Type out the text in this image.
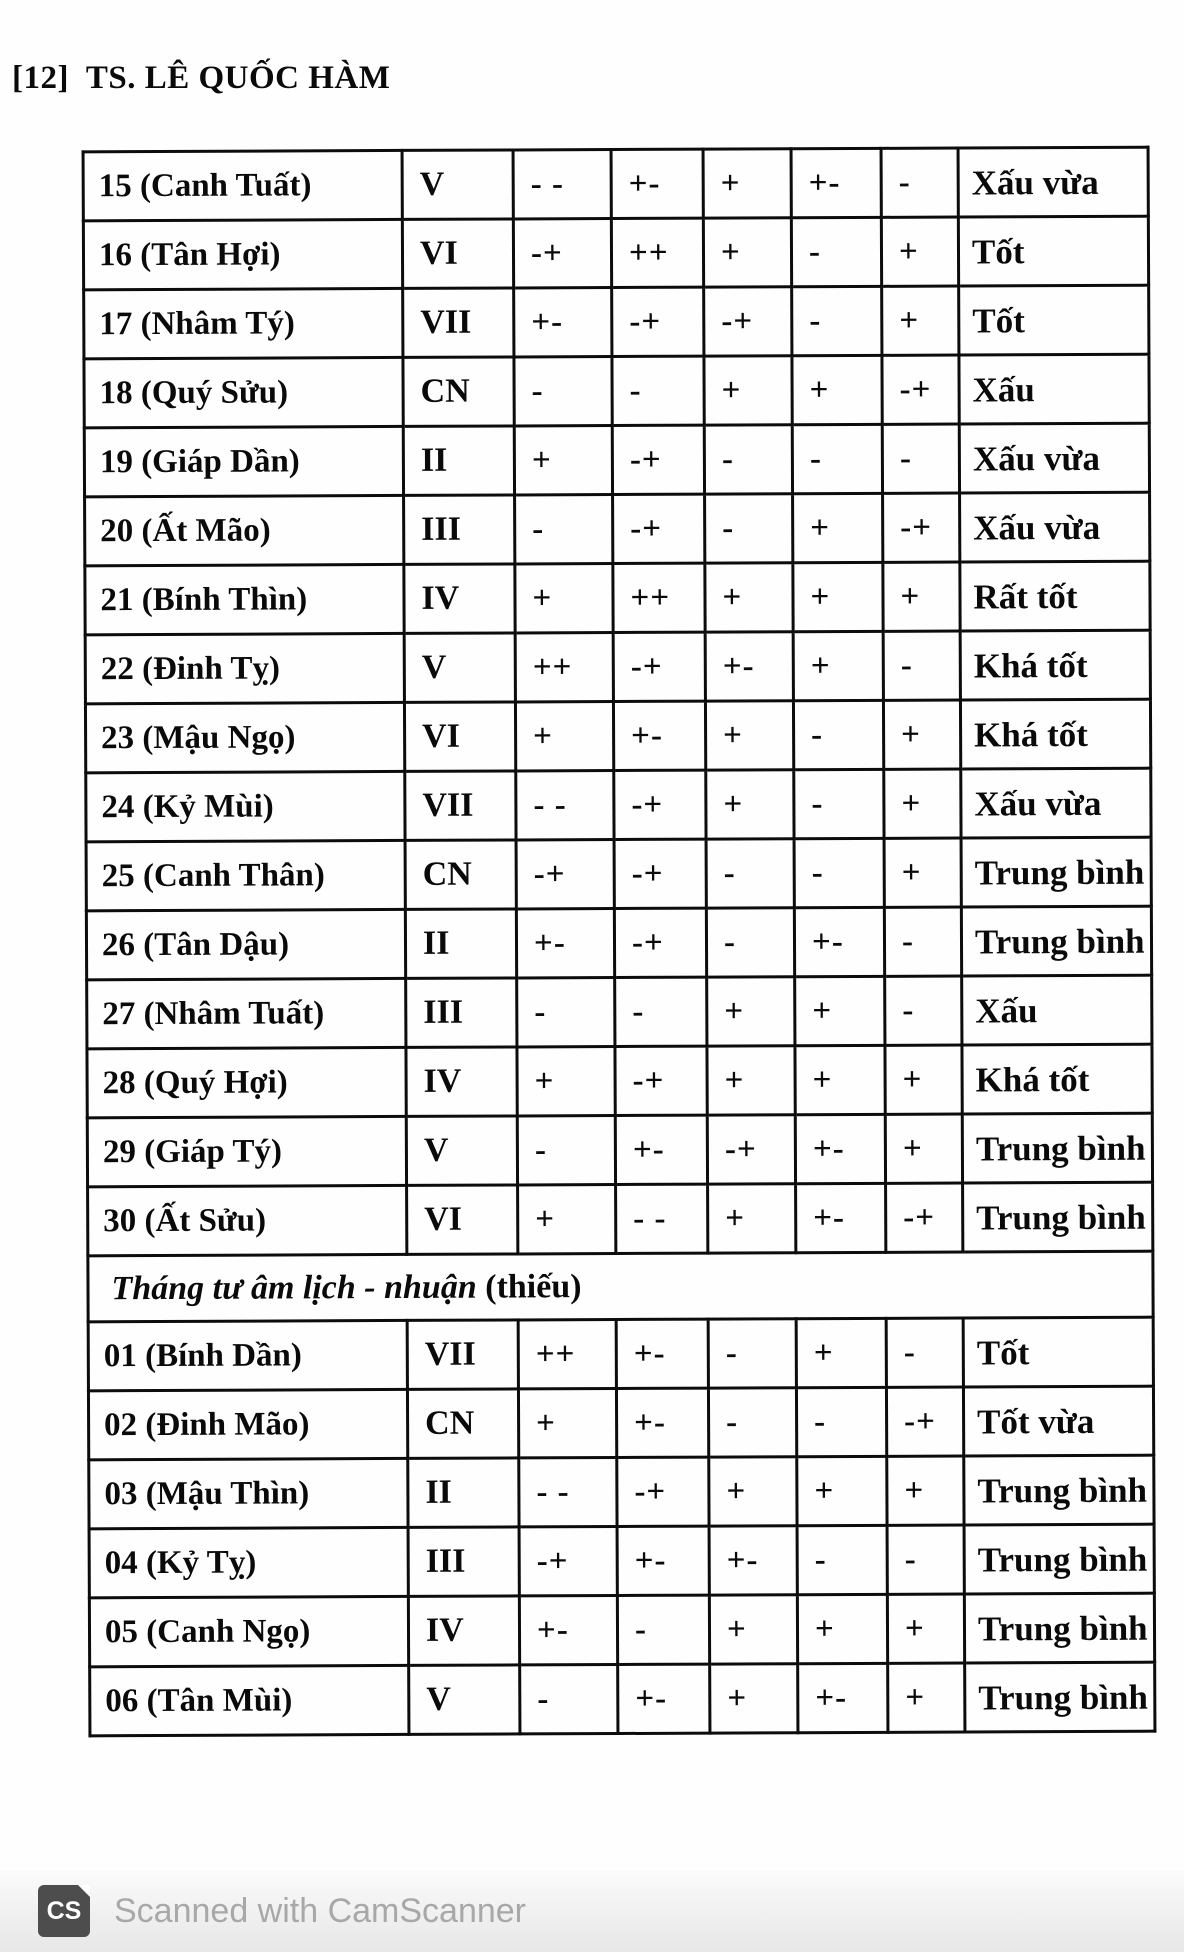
[12]  TS. LÊ QUỐC HÀM
15 (Canh Tuất)	V	- -	+-	+	+-	-	Xấu vừa
16 (Tân Hợi)	VI	-+	++	+	-	+	Tốt
17 (Nhâm Tý)	VII	+-	-+	-+	-	+	Tốt
18 (Quý Sửu)	CN	-	-	+	+	-+	Xấu
19 (Giáp Dần)	II	+	-+	-	-	-	Xấu vừa
20 (Ất Mão)	III	-	-+	-	+	-+	Xấu vừa
21 (Bính Thìn)	IV	+	++	+	+	+	Rất tốt
22 (Đinh Tỵ)	V	++	-+	+-	+	-	Khá tốt
23 (Mậu Ngọ)	VI	+	+-	+	-	+	Khá tốt
24 (Kỷ Mùi)	VII	- -	-+	+	-	+	Xấu vừa
25 (Canh Thân)	CN	-+	-+	-	-	+	Trung bình
26 (Tân Dậu)	II	+-	-+	-	+-	-	Trung bình
27 (Nhâm Tuất)	III	-	-	+	+	-	Xấu
28 (Quý Hợi)	IV	+	-+	+	+	+	Khá tốt
29 (Giáp Tý)	V	-	+-	-+	+-	+	Trung bình
30 (Ất Sửu)	VI	+	- -	+	+-	-+	Trung bình
Tháng tư âm lịch - nhuận (thiếu)							
01 (Bính Dần)	VII	++	+-	-	+	-	Tốt
02 (Đinh Mão)	CN	+	+-	-	-	-+	Tốt vừa
03 (Mậu Thìn)	II	- -	-+	+	+	+	Trung bình
04 (Kỷ Tỵ)	III	-+	+-	+-	-	-	Trung bình
05 (Canh Ngọ)	IV	+-	-	+	+	+	Trung bình
06 (Tân Mùi)	V	-	+-	+	+-	+	Trung bình
CS Scanned with CamScanner
